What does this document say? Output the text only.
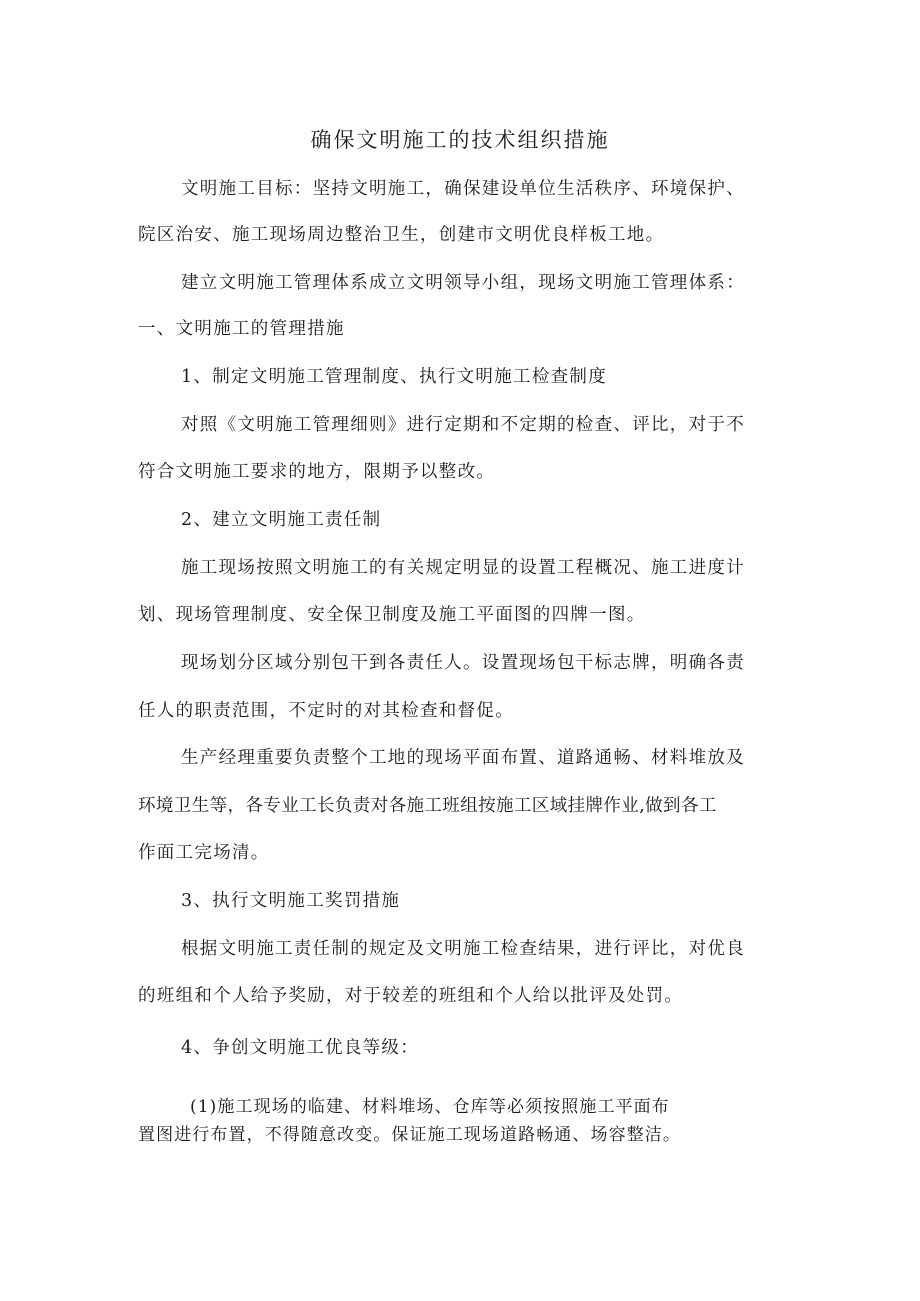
确保文明施工的技术组织措施
文明施工目标：坚持文明施工，确保建设单位生活秩序、环境保护、
院区治安、施工现场周边整治卫生，创建市文明优良样板工地。
建立文明施工管理体系成立文明领导小组，现场文明施工管理体系：
一、文明施工的管理措施
1、制定文明施工管理制度、执行文明施工检查制度
对照《文明施工管理细则》进行定期和不定期的检查、评比，对于不
符合文明施工要求的地方，限期予以整改。
2、建立文明施工责任制
施工现场按照文明施工的有关规定明显的设置工程概况、施工进度计
划、现场管理制度、安全保卫制度及施工平面图的四牌一图。
现场划分区域分别包干到各责任人。设置现场包干标志牌，明确各责
任人的职责范围，不定时的对其检查和督促。
生产经理重要负责整个工地的现场平面布置、道路通畅、材料堆放及
环境卫生等，各专业工长负责对各施工班组按施工区域挂牌作业,做到各工
作面工完场清。
3、执行文明施工奖罚措施
根据文明施工责任制的规定及文明施工检查结果，进行评比，对优良
的班组和个人给予奖励，对于较差的班组和个人给以批评及处罚。
4、争创文明施工优良等级：
(1)施工现场的临建、材料堆场、仓库等必须按照施工平面布
置图进行布置，不得随意改变。保证施工现场道路畅通、场容整洁。
